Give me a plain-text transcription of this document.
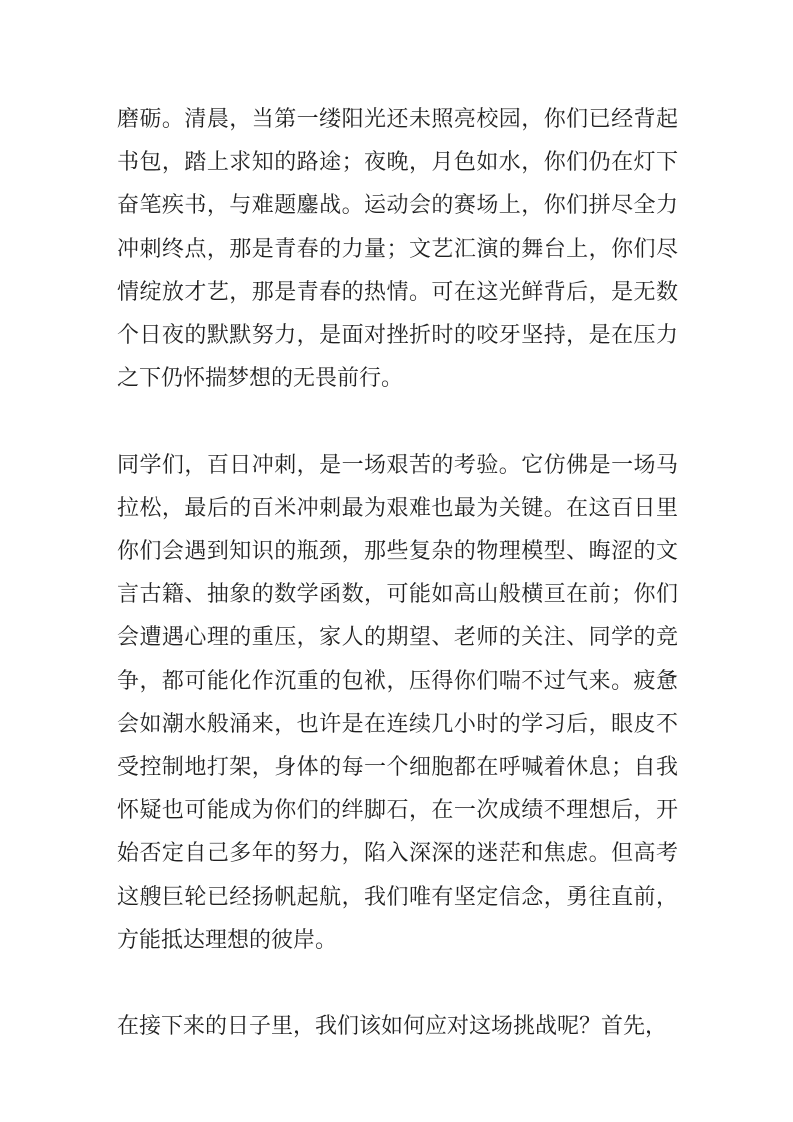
磨砺。清晨，当第一缕阳光还未照亮校园，你们已经背起书包，踏上求知的路途；夜晚，月色如水，你们仍在灯下奋笔疾书，与难题鏖战。运动会的赛场上，你们拼尽全力冲刺终点，那是青春的力量；文艺汇演的舞台上，你们尽情绽放才艺，那是青春的热情。可在这光鲜背后，是无数个日夜的默默努力，是面对挫折时的咬牙坚持，是在压力之下仍怀揣梦想的无畏前行。

同学们，百日冲刺，是一场艰苦的考验。它仿佛是一场马拉松，最后的百米冲刺最为艰难也最为关键。在这百日里你们会遇到知识的瓶颈，那些复杂的物理模型、晦涩的文言古籍、抽象的数学函数，可能如高山般横亘在前；你们会遭遇心理的重压，家人的期望、老师的关注、同学的竞争，都可能化作沉重的包袱，压得你们喘不过气来。疲惫会如潮水般涌来，也许是在连续几小时的学习后，眼皮不受控制地打架，身体的每一个细胞都在呼喊着休息；自我怀疑也可能成为你们的绊脚石，在一次成绩不理想后，开始否定自己多年的努力，陷入深深的迷茫和焦虑。但高考这艘巨轮已经扬帆起航，我们唯有坚定信念，勇往直前，方能抵达理想的彼岸。

在接下来的日子里，我们该如何应对这场挑战呢？首先，
